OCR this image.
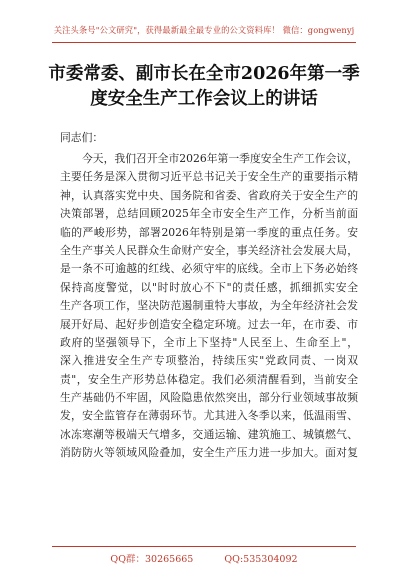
关注头条号"公文研究"，获得最新最全最专业的公文资料库！ 微信：gongwenyj
市委常委、副市长在全市2026年第一季
度安全生产工作会议上的讲话
同志们：
今天，我们召开全市2026年第一季度安全生产工作会议，
主要任务是深入贯彻习近平总书记关于安全生产的重要指示精
神，认真落实党中央、国务院和省委、省政府关于安全生产的
决策部署，总结回顾2025年全市安全生产工作，分析当前面
临的严峻形势，部署2026年特别是第一季度的重点任务。安
全生产事关人民群众生命财产安全，事关经济社会发展大局，
是一条不可逾越的红线、必须守牢的底线。全市上下务必始终
保持高度警觉，以"时时放心不下"的责任感，抓细抓实安全
生产各项工作，坚决防范遏制重特大事故，为全年经济社会发
展开好局、起好步创造安全稳定环境。过去一年，在市委、市
政府的坚强领导下，全市上下坚持"人民至上、生命至上"，
深入推进安全生产专项整治，持续压实"党政同责、一岗双
责"，安全生产形势总体稳定。我们必须清醒看到，当前安全
生产基础仍不牢固，风险隐患依然突出，部分行业领域事故频
发，安全监管存在薄弱环节。尤其进入冬季以来，低温雨雪、
冰冻寒潮等极端天气增多，交通运输、建筑施工、城镇燃气、
消防防火等领域风险叠加，安全生产压力进一步加大。面对复
QQ群：30265665	QQ:535304092
